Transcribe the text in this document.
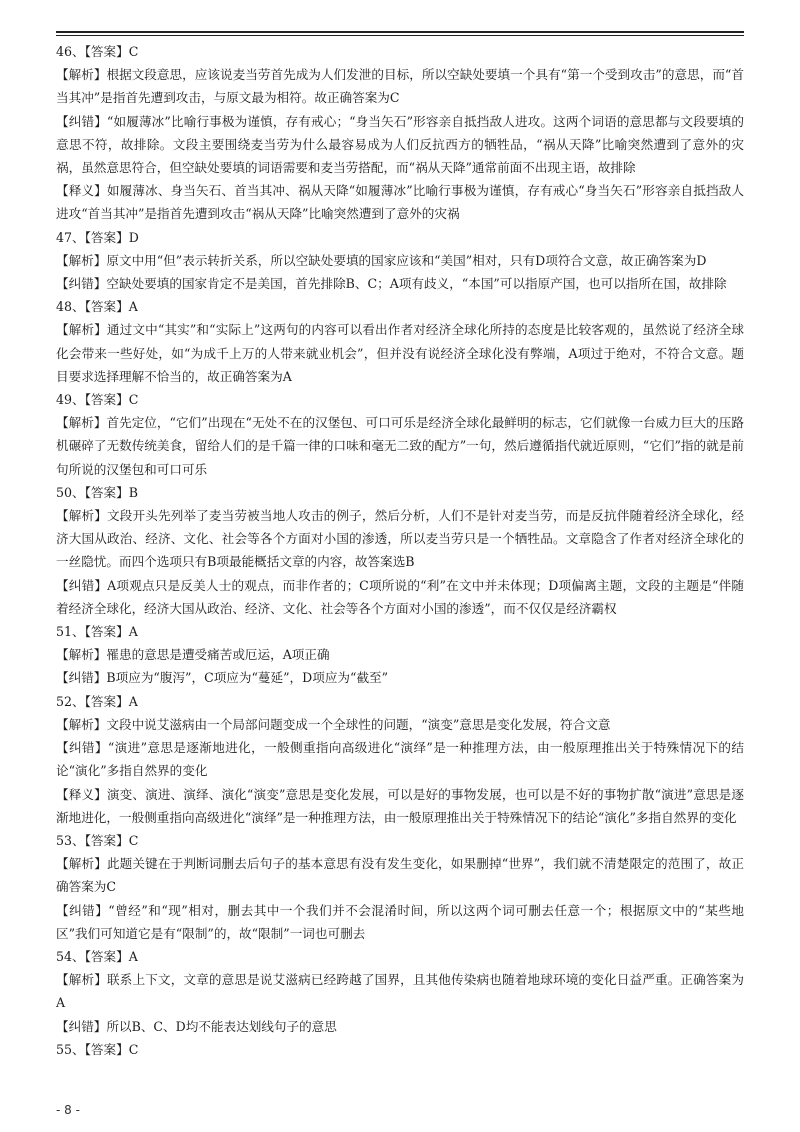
46、【答案】C
【解析】根据文段意思，应该说麦当劳首先成为人们发泄的目标，所以空缺处要填一个具有“第一个受到攻击”的意思，而“首当其冲”是指首先遭到攻击，与原文最为相符。故正确答案为C
【纠错】“如履薄冰”比喻行事极为谨慎，存有戒心；“身当矢石”形容亲自抵挡敌人进攻。这两个词语的意思都与文段要填的意思不符，故排除。文段主要围绕麦当劳为什么最容易成为人们反抗西方的牺牲品，“祸从天降”比喻突然遭到了意外的灾祸，虽然意思符合，但空缺处要填的词语需要和麦当劳搭配，而“祸从天降”通常前面不出现主语，故排除
【释义】如履薄冰、身当矢石、首当其冲、祸从天降“如履薄冰”比喻行事极为谨慎，存有戒心“身当矢石”形容亲自抵挡敌人进攻“首当其冲”是指首先遭到攻击“祸从天降”比喻突然遭到了意外的灾祸
47、【答案】D
【解析】原文中用“但”表示转折关系，所以空缺处要填的国家应该和“美国”相对，只有D项符合文意，故正确答案为D
【纠错】空缺处要填的国家肯定不是美国，首先排除B、C；A项有歧义，“本国”可以指原产国，也可以指所在国，故排除
48、【答案】A
【解析】通过文中“其实”和“实际上”这两句的内容可以看出作者对经济全球化所持的态度是比较客观的，虽然说了经济全球化会带来一些好处，如“为成千上万的人带来就业机会”，但并没有说经济全球化没有弊端，A项过于绝对，不符合文意。题目要求选择理解不恰当的，故正确答案为A
49、【答案】C
【解析】首先定位，“它们”出现在“无处不在的汉堡包、可口可乐是经济全球化最鲜明的标志，它们就像一台威力巨大的压路机碾碎了无数传统美食，留给人们的是千篇一律的口味和毫无二致的配方”一句，然后遵循指代就近原则，“它们”指的就是前句所说的汉堡包和可口可乐
50、【答案】B
【解析】文段开头先列举了麦当劳被当地人攻击的例子，然后分析，人们不是针对麦当劳，而是反抗伴随着经济全球化，经济大国从政治、经济、文化、社会等各个方面对小国的渗透，所以麦当劳只是一个牺牲品。文章隐含了作者对经济全球化的一丝隐忧。而四个选项只有B项最能概括文章的内容，故答案选B
【纠错】A项观点只是反美人士的观点，而非作者的；C项所说的“利”在文中并未体现；D项偏离主题，文段的主题是“伴随着经济全球化，经济大国从政治、经济、文化、社会等各个方面对小国的渗透”，而不仅仅是经济霸权
51、【答案】A
【解析】罹患的意思是遭受痛苦或厄运，A项正确
【纠错】B项应为“腹泻”，C项应为“蔓延”，D项应为“截至”
52、【答案】A
【解析】文段中说艾滋病由一个局部问题变成一个全球性的问题，“演变”意思是变化发展，符合文意
【纠错】“演进”意思是逐渐地进化，一般侧重指向高级进化“演绎”是一种推理方法，由一般原理推出关于特殊情况下的结论“演化”多指自然界的变化
【释义】演变、演进、演绎、演化“演变”意思是变化发展，可以是好的事物发展，也可以是不好的事物扩散“演进”意思是逐渐地进化，一般侧重指向高级进化“演绎”是一种推理方法，由一般原理推出关于特殊情况下的结论“演化”多指自然界的变化
53、【答案】C
【解析】此题关键在于判断词删去后句子的基本意思有没有发生变化，如果删掉“世界”，我们就不清楚限定的范围了，故正确答案为C
【纠错】“曾经”和“现”相对，删去其中一个我们并不会混淆时间，所以这两个词可删去任意一个；根据原文中的“某些地区”我们可知道它是有“限制”的，故“限制”一词也可删去
54、【答案】A
【解析】联系上下文，文章的意思是说艾滋病已经跨越了国界，且其他传染病也随着地球环境的变化日益严重。正确答案为A
【纠错】所以B、C、D均不能表达划线句子的意思
55、【答案】C
- 8 -
